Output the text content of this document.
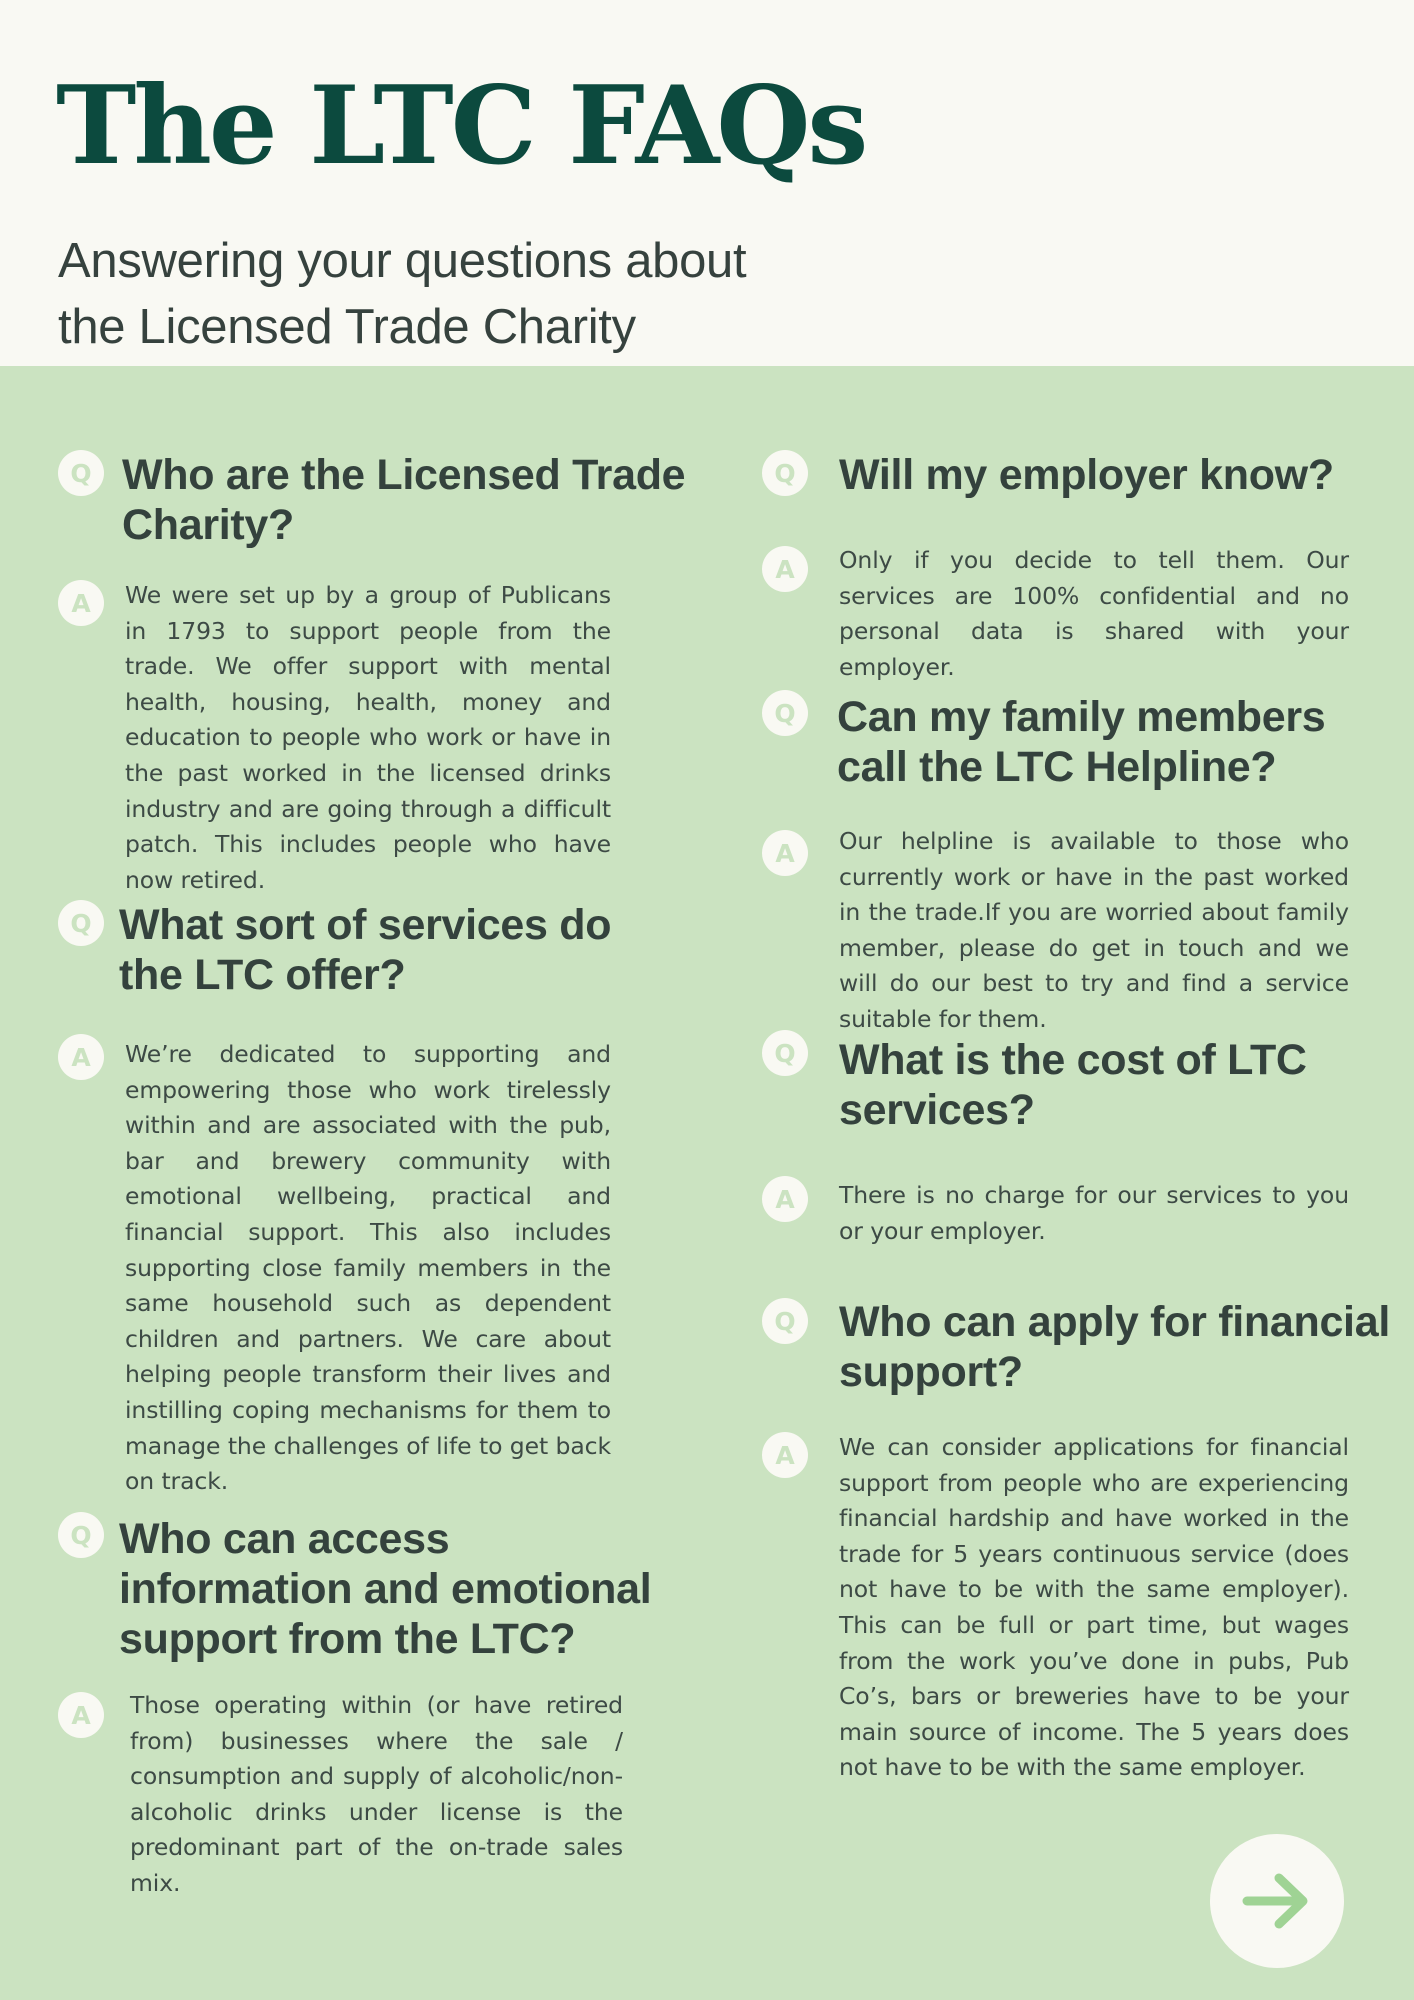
The LTC FAQs

Answering your questions about the Licensed Trade Charity

Q Who are the Licensed Trade Charity?
A	We were set up by a group of Publicans in 1793 to support people from the trade. We offer support with mental health, housing, health, money and education to people who work or have in the past worked in the licensed drinks industry and are going through a difficult patch. This includes people who have now retired.

Q What sort of services do the LTC offer?
A	We’re dedicated to supporting and empowering those who work tirelessly within and are associated with the pub, bar and brewery community with emotional wellbeing, practical and financial support. This also includes supporting close family members in the same household such as dependent children and partners. We care about helping people transform their lives and instilling coping mechanisms for them to manage the challenges of life to get back on track.

Q Who can access information and emotional support from the LTC?
A	Those operating within (or have retired from) businesses where the sale / consumption and supply of alcoholic/non-alcoholic drinks under license is the predominant part of the on-trade sales mix.

Q Will my employer know?
A	Only if you decide to tell them. Our services are 100% confidential and no personal data is shared with your employer.

Q Can my family members call the LTC Helpline?
A	Our helpline is available to those who currently work or have in the past worked in the trade.If you are worried about family member, please do get in touch and we will do our best to try and find a service suitable for them.

Q What is the cost of LTC services?
A	There is no charge for our services to you or your employer.

Q Who can apply for financial support?
A	We can consider applications for financial support from people who are experiencing financial hardship and have worked in the trade for 5 years continuous service (does not have to be with the same employer). This can be full or part time, but wages from the work you’ve done in pubs, Pub Co’s, bars or breweries have to be your main source of income. The 5 years does not have to be with the same employer.
